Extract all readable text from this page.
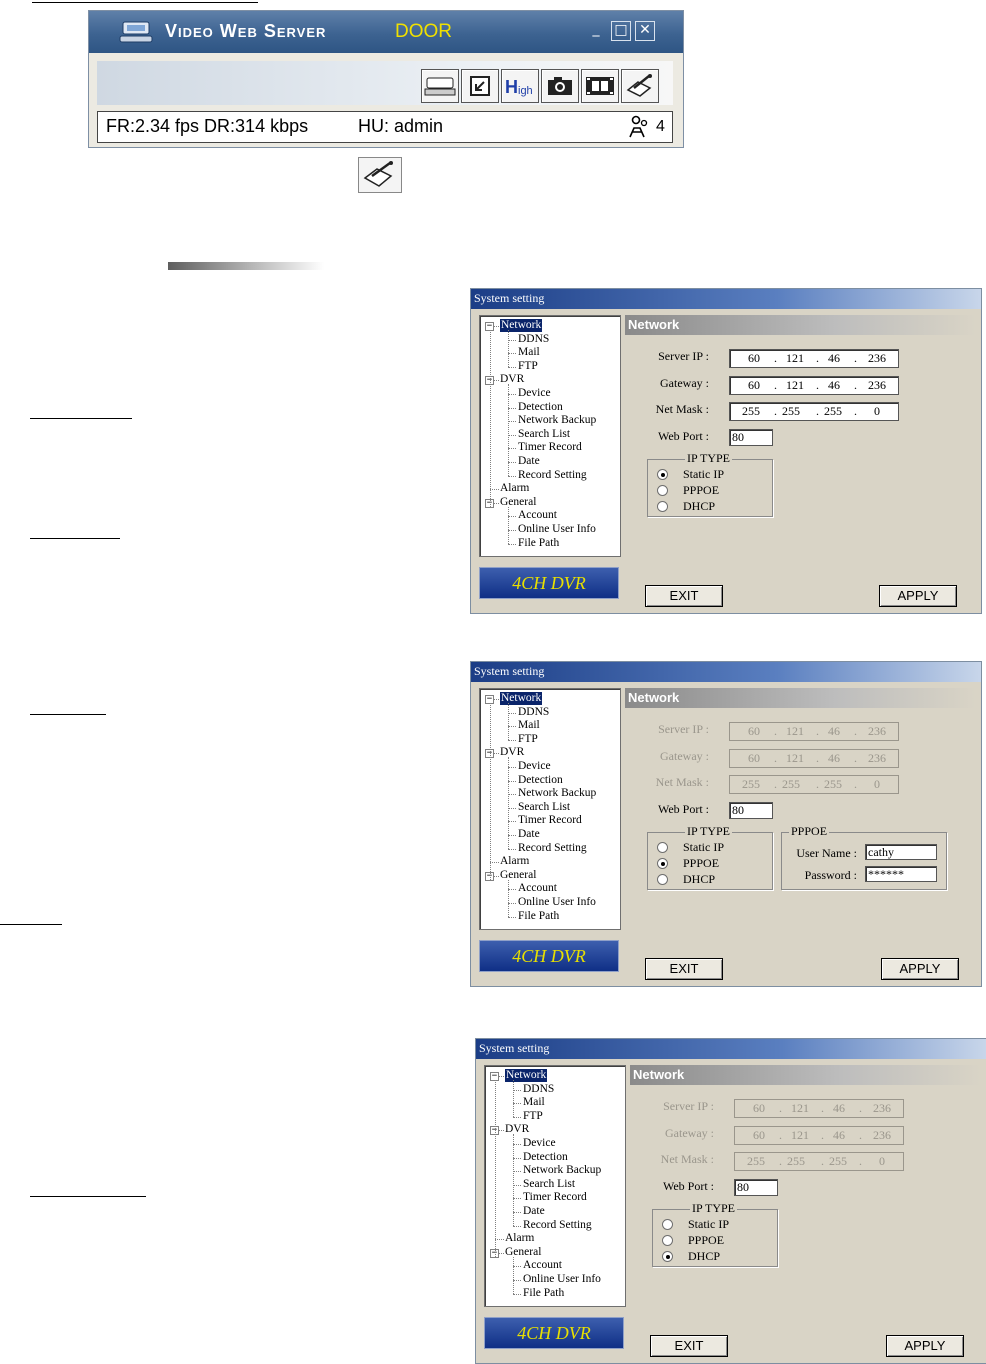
Video Web Server	DOOR	_	□ ✕
H igh
FR:2.34 fps DR:314 kbps	HU: admin	4
System setting
− Network
DDNS
Mail
FTP
− DVR
Device
Detection
Network Backup
Search List
Timer Record
Date
Record Setting
Alarm
− General
Account
Online User Info
File Path
4CH DVR
Network
Server IP :	60 . 121 . 46 . 236
Gateway :	60 . 121 . 46 . 236
Net Mask :	255 . 255 . 255 . 0
Web Port : 80
IP TYPE
Static IP
PPPOE
DHCP
EXIT	APPLY
System setting
− Network
DDNS
Mail
FTP
− DVR
Device
Detection
Network Backup
Search List
Timer Record
Date
Record Setting
Alarm
− General
Account
Online User Info
File Path
4CH DVR
Network
Server IP :	60 . 121 . 46 . 236
Gateway :	60 . 121 . 46 . 236
Net Mask :	255 . 255 . 255 . 0
Web Port : 80
IP TYPE
Static IP
PPPOE
DHCP
PPPOE
User Name : cathy
Password : ******
EXIT	APPLY
System setting
− Network
DDNS
Mail
FTP
− DVR
Device
Detection
Network Backup
Search List
Timer Record
Date
Record Setting
Alarm
− General
Account
Online User Info
File Path
4CH DVR
Network
Server IP :	60 . 121 . 46 . 236
Gateway :	60 . 121 . 46 . 236
Net Mask :	255 . 255 . 255 . 0
Web Port : 80
IP TYPE
Static IP
PPPOE
DHCP
EXIT	APPLY
